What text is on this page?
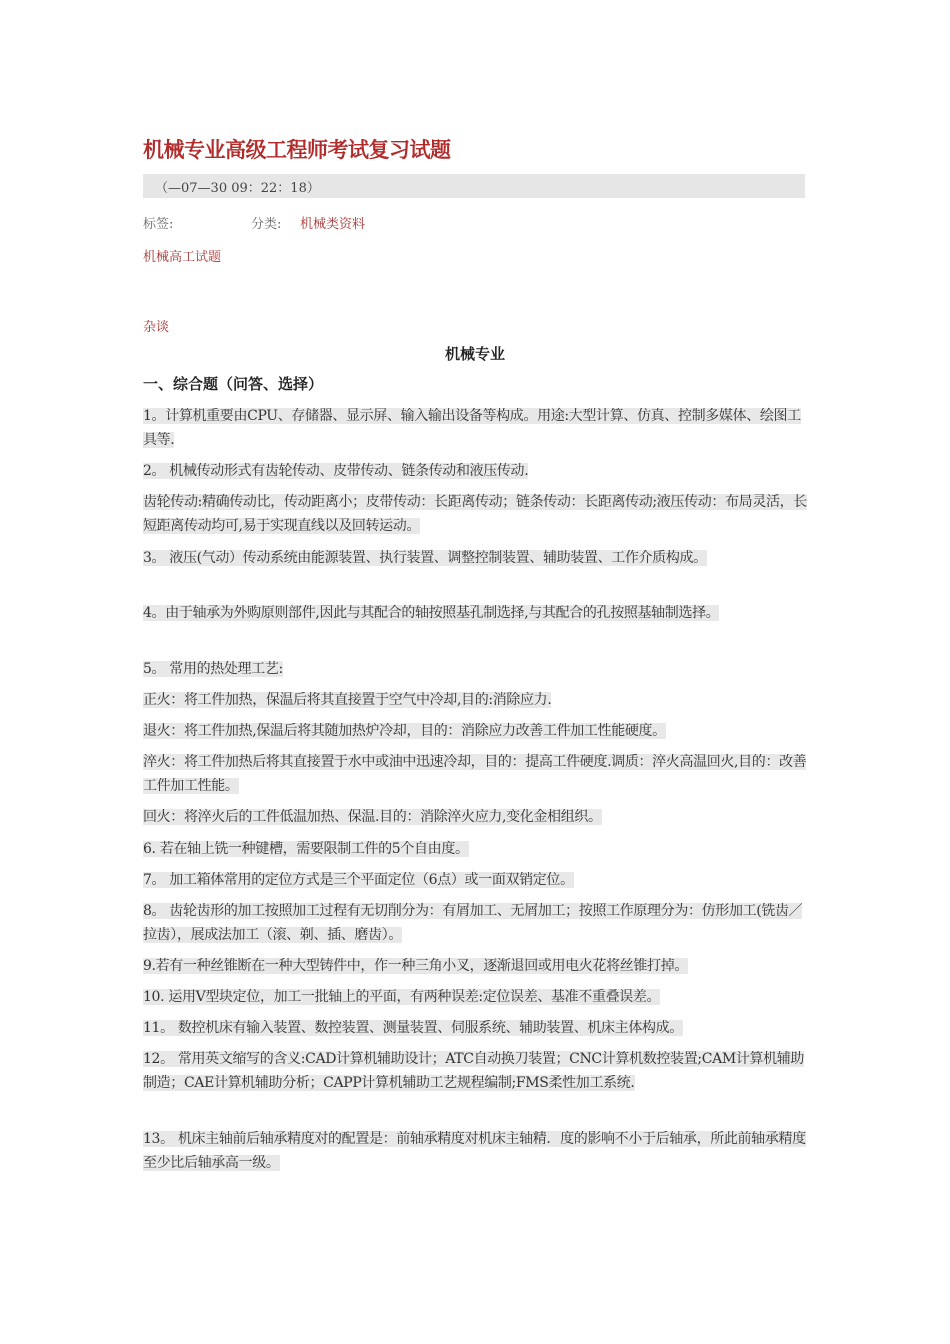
机械专业高级工程师考试复习试题
（—07—30 09：22：18）
标签:	分类: 机械类资料
机械高工试题
杂谈
机械专业
一、综合题（问答、选择）
1。计算机重要由CPU、存储器、显示屏、输入输出设备等构成。用途:大型计算、仿真、控制多媒体、绘图工具等.
2。 机械传动形式有齿轮传动、皮带传动、链条传动和液压传动.
齿轮传动:精确传动比，传动距离小；皮带传动：长距离传动；链条传动：长距离传动;液压传动：布局灵活，长短距离传动均可,易于实现直线以及回转运动。
3。 液压(气动）传动系统由能源装置、执行装置、调整控制装置、辅助装置、工作介质构成。
4。由于轴承为外购原则部件,因此与其配合的轴按照基孔制选择,与其配合的孔按照基轴制选择。
5。 常用的热处理工艺:
正火：将工件加热，保温后将其直接置于空气中冷却,目的:消除应力.
退火：将工件加热,保温后将其随加热炉冷却，目的：消除应力改善工件加工性能硬度。
淬火：将工件加热后将其直接置于水中或油中迅速冷却，目的：提高工件硬度.调质：淬火高温回火,目的：改善工件加工性能。
回火：将淬火后的工件低温加热、保温.目的：消除淬火应力,变化金相组织。
6. 若在轴上铣一种键槽，需要限制工件的5个自由度。
7。 加工箱体常用的定位方式是三个平面定位（6点）或一面双销定位。
8。 齿轮齿形的加工按照加工过程有无切削分为：有屑加工、无屑加工；按照工作原理分为：仿形加工(铣齿／拉齿），展成法加工（滚、剃、插、磨齿）。
9.若有一种丝锥断在一种大型铸件中，作一种三角小叉，逐渐退回或用电火花将丝锥打掉。
10. 运用V型块定位，加工一批轴上的平面，有两种误差:定位误差、基准不重叠误差。
11。 数控机床有输入装置、数控装置、测量装置、伺服系统、辅助装置、机床主体构成。
12。 常用英文缩写的含义:CAD计算机辅助设计；ATC自动换刀装置；CNC计算机数控装置;CAM计算机辅助制造；CAE计算机辅助分析；CAPP计算机辅助工艺规程编制;FMS柔性加工系统.
13。 机床主轴前后轴承精度对的配置是：前轴承精度对机床主轴精．度的影响不小于后轴承，所此前轴承精度至少比后轴承高一级。
